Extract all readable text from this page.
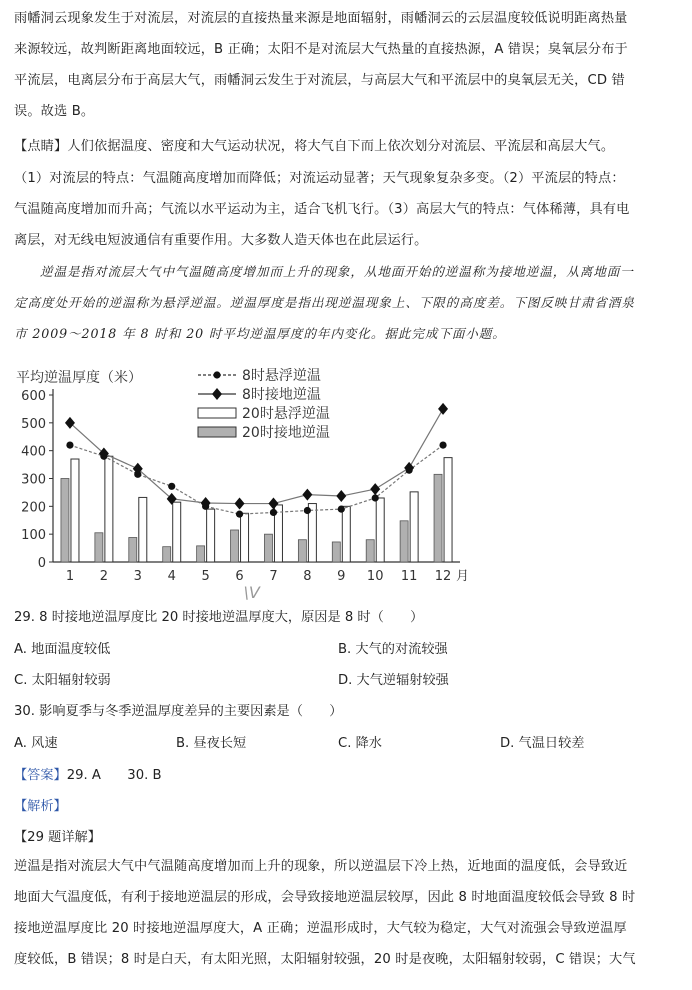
雨幡洞云现象发生于对流层，对流层的直接热量来源是地面辐射，雨幡洞云的云层温度较低说明距离热量
来源较远，故判断距离地面较远，B 正确；太阳不是对流层大气热量的直接热源，A 错误；臭氧层分布于
平流层，电离层分布于高层大气，雨幡洞云发生于对流层，与高层大气和平流层中的臭氧层无关，CD 错
误。故选 B。
【点睛】人们依据温度、密度和大气运动状况，将大气自下而上依次划分对流层、平流层和高层大气。
（1）对流层的特点：气温随高度增加而降低；对流运动显著；天气现象复杂多变。（2）平流层的特点：
气温随高度增加而升高；气流以水平运动为主，适合飞机飞行。（3）高层大气的特点：气体稀薄，具有电
离层，对无线电短波通信有重要作用。大多数人造天体也在此层运行。
逆温是指对流层大气中气温随高度增加而上升的现象，从地面开始的逆温称为接地逆温，从离地面一
定高度处开始的逆温称为悬浮逆温。逆温厚度是指出现逆温现象上、下限的高度差。下图反映甘肃省酒泉
市 2009～2018 年 8 时和 20 时平均逆温厚度的年内变化。据此完成下面小题。
平均逆温厚度（米）
0
100
200
300
400
500
600
1 2 3 4 5 6 7 8 9 10 11 12 月
8时悬浮逆温
8时接地逆温
20时悬浮逆温
20时接地逆温
\V
29. 8 时接地逆温厚度比 20 时接地逆温厚度大，原因是 8 时（　　）
A. 地面温度较低	B. 大气的对流较强
C. 太阳辐射较弱	D. 大气逆辐射较强
30. 影响夏季与冬季逆温厚度差异的主要因素是（　　）
A. 风速	B. 昼夜长短	C. 降水	D. 气温日较差
【答案】29. A　　30. B
【解析】
【29 题详解】
逆温是指对流层大气中气温随高度增加而上升的现象，所以逆温层下冷上热，近地面的温度低，会导致近
地面大气温度低，有利于接地逆温层的形成，会导致接地逆温层较厚，因此 8 时地面温度较低会导致 8 时
接地逆温厚度比 20 时接地逆温厚度大，A 正确；逆温形成时，大气较为稳定，大气对流强会导致逆温厚
度较低，B 错误；8 时是白天，有太阳光照，太阳辐射较强，20 时是夜晚，太阳辐射较弱，C 错误；大气
